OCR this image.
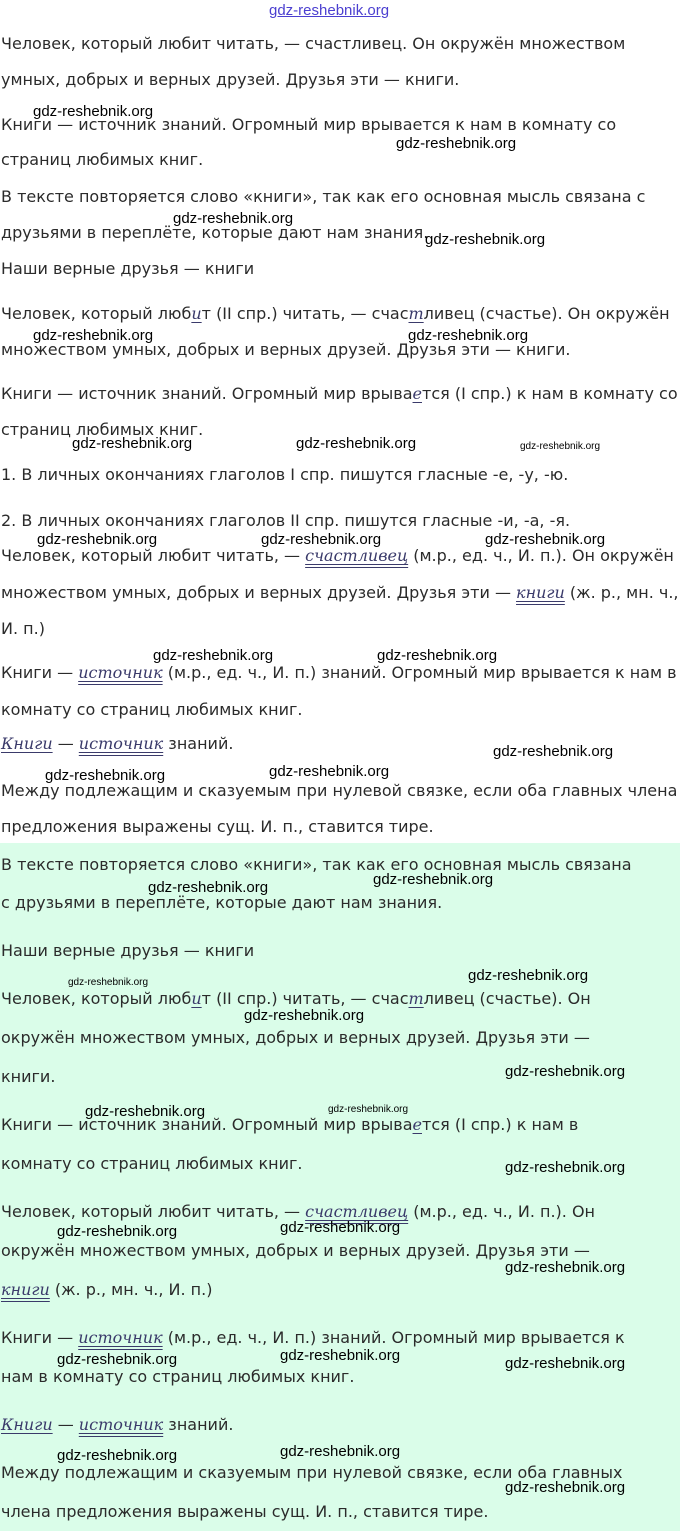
gdz-reshebnik.org
Человек, который любит читать, — счастливец. Он окружён множеством
умных, добрых и верных друзей. Друзья эти — книги.
Книги — источник знаний. Огромный мир врывается к нам в комнату со
страниц любимых книг.
В тексте повторяется слово «книги», так как его основная мысль связана с
друзьями в переплёте, которые дают нам знания.
Наши верные друзья — книги
Человек, который любит (II спр.) читать, — счастливец (счастье). Он окружён
множеством умных, добрых и верных друзей. Друзья эти — книги.
Книги — источник знаний. Огромный мир врывается (I спр.) к нам в комнату со
страниц любимых книг.
1. В личных окончаниях глаголов I спр. пишутся гласные -е, -у, -ю.
2. В личных окончаниях глаголов II спр. пишутся гласные -и, -а, -я.
Человек, который любит читать, — счастливец (м.р., ед. ч., И. п.). Он окружён
множеством умных, добрых и верных друзей. Друзья эти — книги (ж. р., мн. ч.,
И. п.)
Книги — источник (м.р., ед. ч., И. п.) знаний. Огромный мир врывается к нам в
комнату со страниц любимых книг.
Книги — источник знаний.
Между подлежащим и сказуемым при нулевой связке, если оба главных члена
предложения выражены сущ. И. п., ставится тире.
В тексте повторяется слово «книги», так как его основная мысль связана
с друзьями в переплёте, которые дают нам знания.
Наши верные друзья — книги
Человек, который любит (II спр.) читать, — счастливец (счастье). Он
окружён множеством умных, добрых и верных друзей. Друзья эти —
книги.
Книги — источник знаний. Огромный мир врывается (I спр.) к нам в
комнату со страниц любимых книг.
Человек, который любит читать, — счастливец (м.р., ед. ч., И. п.). Он
окружён множеством умных, добрых и верных друзей. Друзья эти —
книги (ж. р., мн. ч., И. п.)
Книги — источник (м.р., ед. ч., И. п.) знаний. Огромный мир врывается к
нам в комнату со страниц любимых книг.
Книги — источник знаний.
Между подлежащим и сказуемым при нулевой связке, если оба главных
члена предложения выражены сущ. И. п., ставится тире.
gdz-reshebnik.org
gdz-reshebnik.org
gdz-reshebnik.org
gdz-reshebnik.org
gdz-reshebnik.org	gdz-reshebnik.org
gdz-reshebnik.org	gdz-reshebnik.org	gdz-reshebnik.org
gdz-reshebnik.org	gdz-reshebnik.org	gdz-reshebnik.org
gdz-reshebnik.org	gdz-reshebnik.org
gdz-reshebnik.org
gdz-reshebnik.org	gdz-reshebnik.org
gdz-reshebnik.org
gdz-reshebnik.org
gdz-reshebnik.org
gdz-reshebnik.org
gdz-reshebnik.org
gdz-reshebnik.org
gdz-reshebnik.org	gdz-reshebnik.org
gdz-reshebnik.org
gdz-reshebnik.org
gdz-reshebnik.org
gdz-reshebnik.org
gdz-reshebnik.org
gdz-reshebnik.org	gdz-reshebnik.org
gdz-reshebnik.org
gdz-reshebnik.org
gdz-reshebnik.org
